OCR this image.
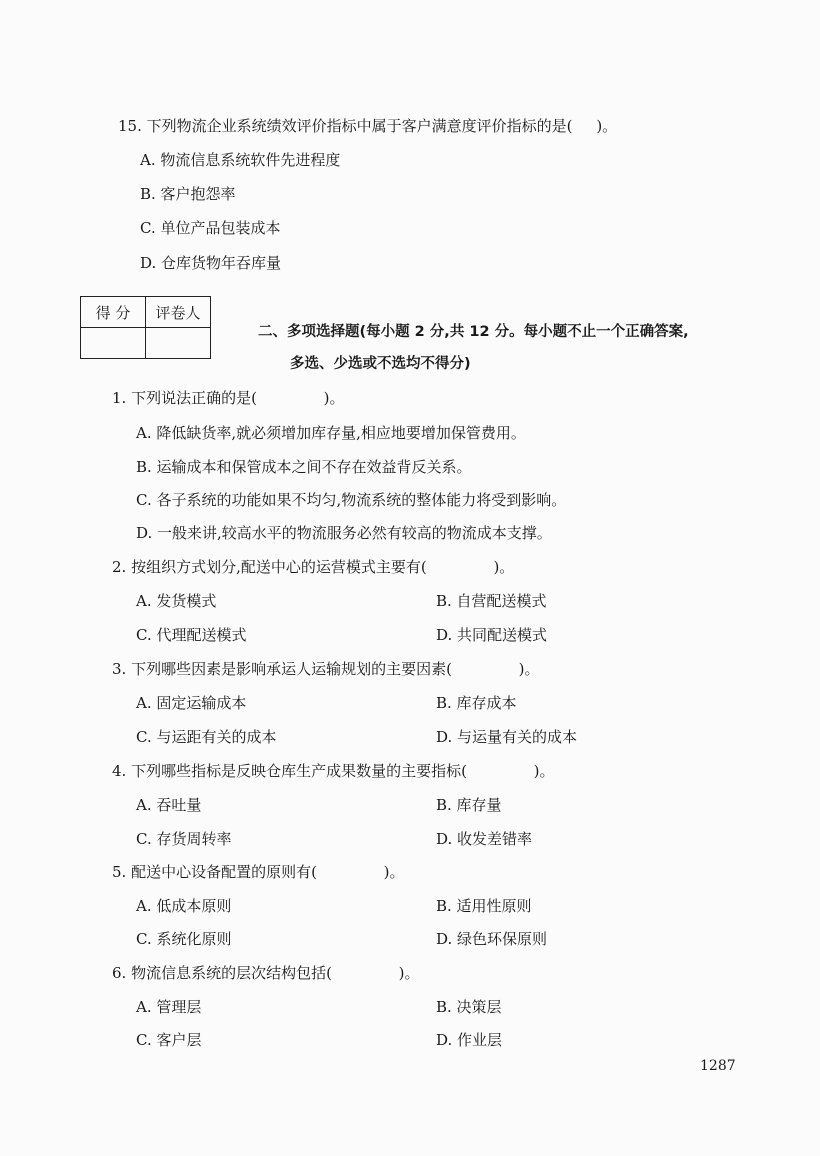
15. 下列物流企业系统绩效评价指标中属于客户满意度评价指标的是(     )。
A. 物流信息系统软件先进程度
B. 客户抱怨率
C. 单位产品包装成本
D. 仓库货物年吞库量
得 分	评卷人

二、多项选择题(每小题 2 分,共 12 分。每小题不止一个正确答案,
多选、少选或不选均不得分)
1. 下列说法正确的是(              )。
A. 降低缺货率,就必须增加库存量,相应地要增加保管费用。
B. 运输成本和保管成本之间不存在效益背反关系。
C. 各子系统的功能如果不均匀,物流系统的整体能力将受到影响。
D. 一般来讲,较高水平的物流服务必然有较高的物流成本支撑。
2. 按组织方式划分,配送中心的运营模式主要有(              )。
A. 发货模式	B. 自营配送模式
C. 代理配送模式	D. 共同配送模式
3. 下列哪些因素是影响承运人运输规划的主要因素(              )。
A. 固定运输成本	B. 库存成本
C. 与运距有关的成本	D. 与运量有关的成本
4. 下列哪些指标是反映仓库生产成果数量的主要指标(              )。
A. 吞吐量	B. 库存量
C. 存货周转率	D. 收发差错率
5. 配送中心设备配置的原则有(              )。
A. 低成本原则	B. 适用性原则
C. 系统化原则	D. 绿色环保原则
6. 物流信息系统的层次结构包括(              )。
A. 管理层	B. 决策层
C. 客户层	D. 作业层
1287
